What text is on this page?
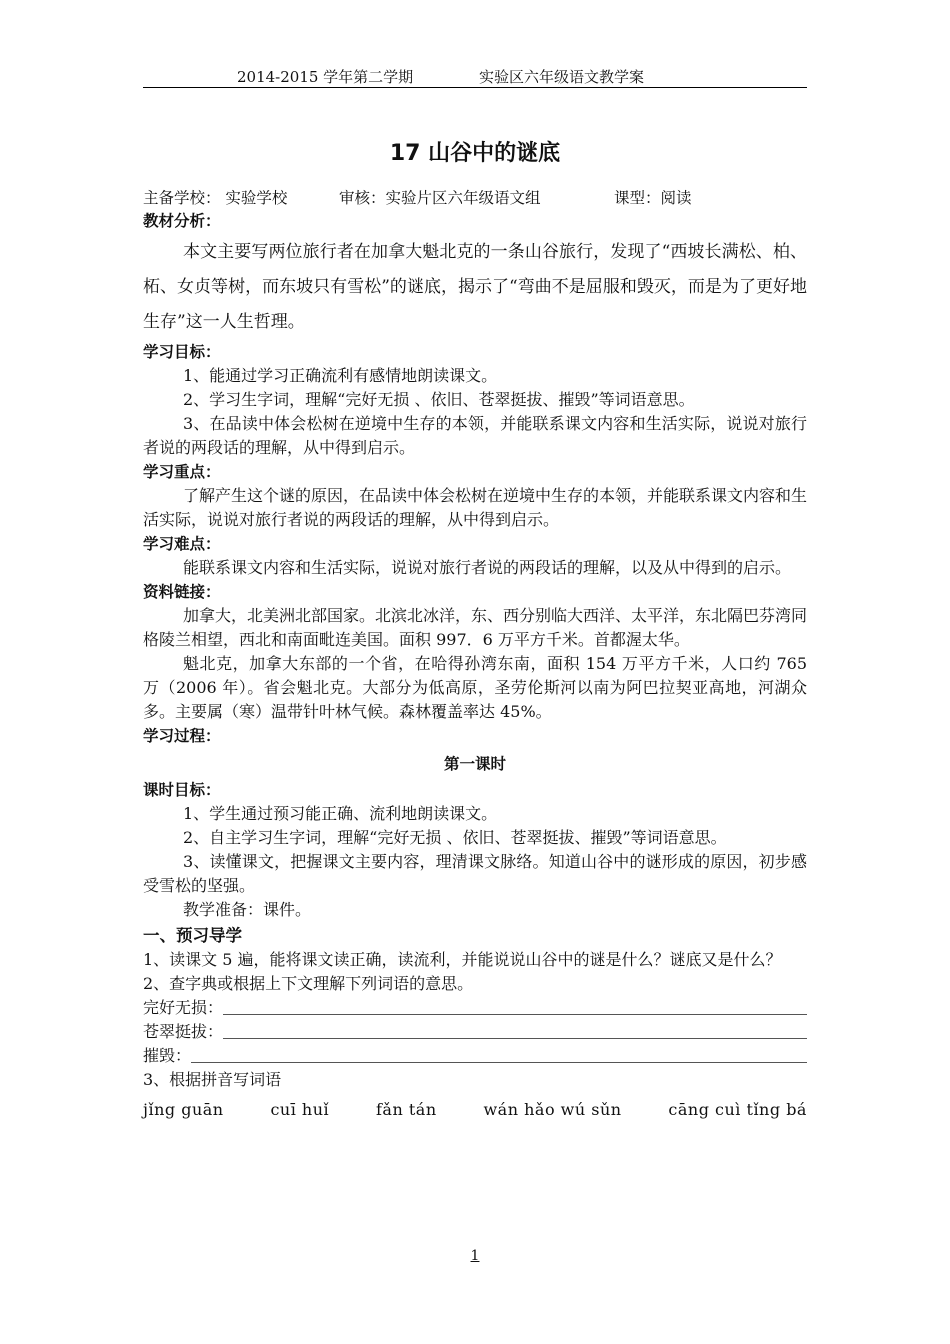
2014-2015 学年第二学期	实验区六年级语文教学案
17 山谷中的谜底
主备学校： 实验学校	审核：实验片区六年级语文组	课型：阅读

教材分析：

本文主要写两位旅行者在加拿大魁北克的一条山谷旅行，发现了“西坡长满松、柏、柘、女贞等树，而东坡只有雪松”的谜底，揭示了“弯曲不是屈服和毁灭，而是为了更好地生存”这一人生哲理。

学习目标：

1、能通过学习正确流利有感情地朗读课文。

2、学习生字词，理解“完好无损 、依旧、苍翠挺拔、摧毁”等词语意思。

3、在品读中体会松树在逆境中生存的本领，并能联系课文内容和生活实际，说说对旅行者说的两段话的理解，从中得到启示。

学习重点：

了解产生这个谜的原因，在品读中体会松树在逆境中生存的本领，并能联系课文内容和生活实际，说说对旅行者说的两段话的理解，从中得到启示。

学习难点：

能联系课文内容和生活实际，说说对旅行者说的两段话的理解，以及从中得到的启示。

资料链接：

加拿大，北美洲北部国家。北滨北冰洋，东、西分别临大西洋、太平洋，东北隔巴芬湾同格陵兰相望，西北和南面毗连美国。面积 997．6 万平方千米。首都渥太华。

魁北克，加拿大东部的一个省，在哈得孙湾东南，面积 154 万平方千米，人口约 765 万（2006 年）。省会魁北克。大部分为低高原，圣劳伦斯河以南为阿巴拉契亚高地，河湖众多。主要属（寒）温带针叶林气候。森林覆盖率达 45%。

学习过程：

第一课时

课时目标：

1、学生通过预习能正确、流利地朗读课文。

2、自主学习生字词，理解“完好无损 、依旧、苍翠挺拔、摧毁”等词语意思。

3、读懂课文，把握课文主要内容，理清课文脉络。知道山谷中的谜形成的原因，初步感受雪松的坚强。

教学准备：课件。

一、预习导学

1、读课文 5 遍，能将课文读正确，读流利，并能说说山谷中的谜是什么？谜底又是什么？

2、查字典或根据上下文理解下列词语的意思。

完好无损：
苍翠挺拔：
摧毁：

3、根据拼音写词语

jǐng guān	cuī huǐ	fǎn tán	wán hǎo wú sǔn	cāng cuì tǐng bá
1
